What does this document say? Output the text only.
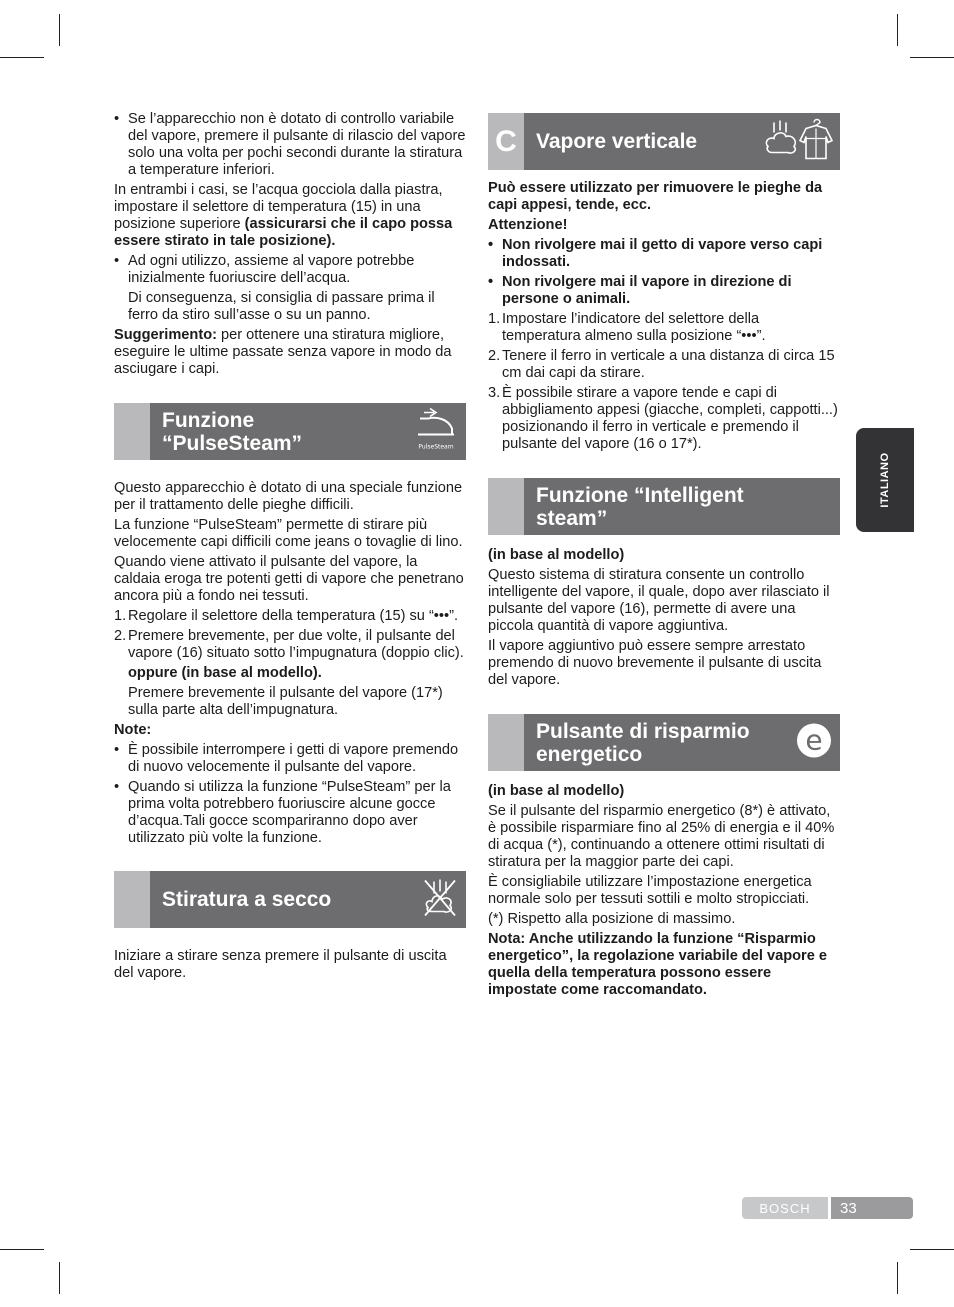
• Se l’apparecchio non è dotato di controllo variabile del vapore, premere il pulsante di rilascio del vapore solo una volta per pochi secondi durante la stiratura a temperature inferiori.

In entrambi i casi, se l’acqua gocciola dalla piastra, impostare il selettore di temperatura (15) in una posizione superiore (assicurarsi che il capo possa essere stirato in tale posizione).

• Ad ogni utilizzo, assieme al vapore potrebbe inizialmente fuoriuscire dell’acqua.

Di conseguenza, si consiglia di passare prima il ferro da stiro sull’asse o su un panno.

Suggerimento: per ottenere una stiratura migliore, eseguire le ultime passate senza vapore in modo da asciugare i capi.

Funzione “PulseSteam”	PulseSteam

Questo apparecchio è dotato di una speciale funzione per il trattamento delle pieghe difficili.

La funzione “PulseSteam” permette di stirare più velocemente capi difficili come jeans o tovaglie di lino.

Quando viene attivato il pulsante del vapore, la caldaia eroga tre potenti getti di vapore che penetrano ancora più a fondo nei tessuti.

1. Regolare il selettore della temperatura (15) su “•••”.

2. Premere brevemente, per due volte, il pulsante del vapore (16) situato sotto l’impugnatura (doppio clic).

oppure (in base al modello).

Premere brevemente il pulsante del vapore (17*) sulla parte alta dell’impugnatura.

Note:

• È possibile interrompere i getti di vapore premendo di nuovo velocemente il pulsante del vapore.

• Quando si utilizza la funzione “PulseSteam” per la prima volta potrebbero fuoriuscire alcune gocce d’acqua.Tali gocce scompariranno dopo aver utilizzato più volte la funzione.

Stiratura a secco

Iniziare a stirare senza premere il pulsante di uscita del vapore.

C Vapore verticale

Può essere utilizzato per rimuovere le pieghe da capi appesi, tende, ecc.

Attenzione!

• Non rivolgere mai il getto di vapore verso capi indossati.

• Non rivolgere mai il vapore in direzione di persone o animali.

1. Impostare l’indicatore del selettore della temperatura almeno sulla posizione “•••”.

2. Tenere il ferro in verticale a una distanza di circa 15 cm dai capi da stirare.

3. È possibile stirare a vapore tende e capi di abbigliamento appesi (giacche, completi, cappotti...) posizionando il ferro in verticale e premendo il pulsante del vapore (16 o 17*).

Funzione “Intelligent steam”

(in base al modello)

Questo sistema di stiratura consente un controllo intelligente del vapore, il quale, dopo aver rilasciato il pulsante del vapore (16), permette di avere una piccola quantità di vapore aggiuntiva.

Il vapore aggiuntivo può essere sempre arrestato premendo di nuovo brevemente il pulsante di uscita del vapore.

Pulsante di risparmio energetico	e

(in base al modello)

Se il pulsante del risparmio energetico (8*) è attivato, è possibile risparmiare fino al 25% di energia e il 40% di acqua (*), continuando a ottenere ottimi risultati di stiratura per la maggior parte dei capi.

È consigliabile utilizzare l’impostazione energetica normale solo per tessuti sottili e molto stropicciati.

(*) Rispetto alla posizione di massimo.

Nota: Anche utilizzando la funzione “Risparmio energetico”, la regolazione variabile del vapore e quella della temperatura possono essere impostate come raccomandato.

ITALIANO
BOSCH	33
